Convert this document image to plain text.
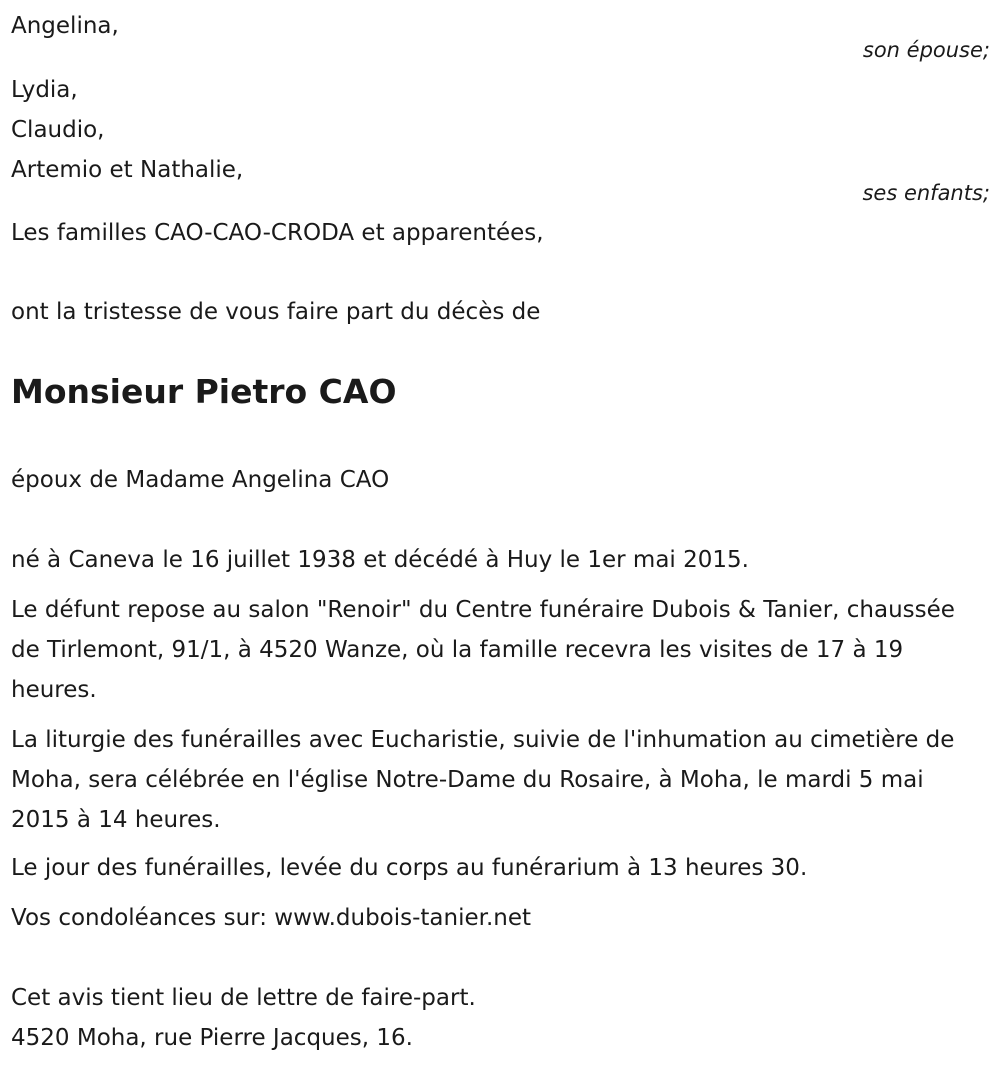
Angelina,

son épouse;

Lydia,

Claudio,

Artemio et Nathalie,

ses enfants;

Les familles CAO-CAO-CRODA et apparentées,

ont la tristesse de vous faire part du décès de

Monsieur Pietro CAO

époux de Madame Angelina CAO

né à Caneva le 16 juillet 1938 et décédé à Huy le 1er mai 2015.

Le défunt repose au salon "Renoir" du Centre funéraire Dubois & Tanier, chaussée de Tirlemont, 91/1, à 4520 Wanze, où la famille recevra les visites de 17 à 19 heures.

La liturgie des funérailles avec Eucharistie, suivie de l'inhumation au cimetière de Moha, sera célébrée en l'église Notre-Dame du Rosaire, à Moha, le mardi 5 mai 2015 à 14 heures.

Le jour des funérailles, levée du corps au funérarium à 13 heures 30.

Vos condoléances sur: www.dubois-tanier.net

Cet avis tient lieu de lettre de faire-part.

4520 Moha, rue Pierre Jacques, 16.
